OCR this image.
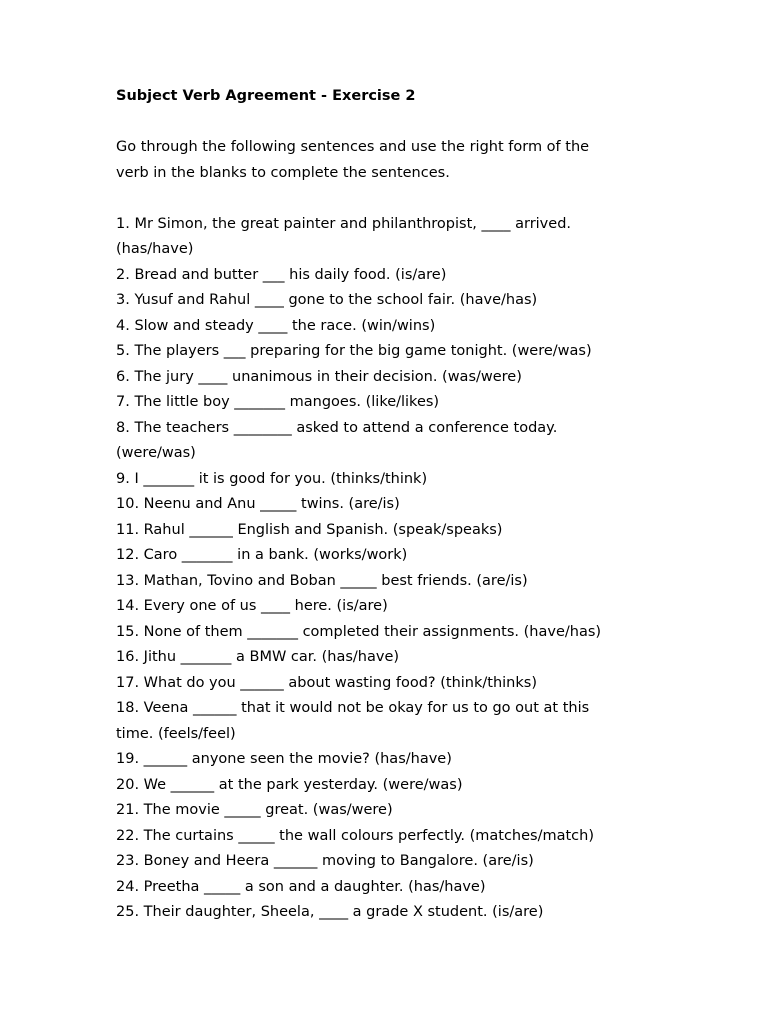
Subject Verb Agreement - Exercise 2

Go through the following sentences and use the right form of the
verb in the blanks to complete the sentences.

1. Mr Simon, the great painter and philanthropist, ____ arrived.
(has/have)
2. Bread and butter ___ his daily food. (is/are)
3. Yusuf and Rahul ____ gone to the school fair. (have/has)
4. Slow and steady ____ the race. (win/wins)
5. The players ___ preparing for the big game tonight. (were/was)
6. The jury ____ unanimous in their decision. (was/were)
7. The little boy _______ mangoes. (like/likes)
8. The teachers ________ asked to attend a conference today.
(were/was)
9. I _______ it is good for you. (thinks/think)
10. Neenu and Anu _____ twins. (are/is)
11. Rahul ______ English and Spanish. (speak/speaks)
12. Caro _______ in a bank. (works/work)
13. Mathan, Tovino and Boban _____ best friends. (are/is)
14. Every one of us ____ here. (is/are)
15. None of them _______ completed their assignments. (have/has)
16. Jithu _______ a BMW car. (has/have)
17. What do you ______ about wasting food? (think/thinks)
18. Veena ______ that it would not be okay for us to go out at this
time. (feels/feel)
19. ______ anyone seen the movie? (has/have)
20. We ______ at the park yesterday. (were/was)
21. The movie _____ great. (was/were)
22. The curtains _____ the wall colours perfectly. (matches/match)
23. Boney and Heera ______ moving to Bangalore. (are/is)
24. Preetha _____ a son and a daughter. (has/have)
25. Their daughter, Sheela, ____ a grade X student. (is/are)
